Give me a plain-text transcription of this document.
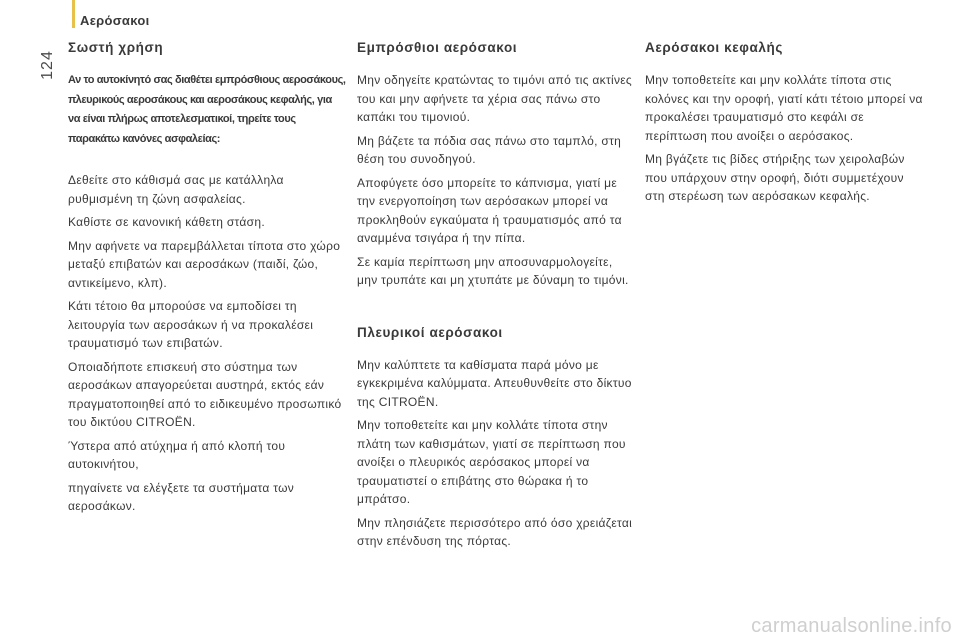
Αερόσακοι
124
Σωστή χρήση
Αν το αυτοκίνητό σας διαθέτει εμπρόσθιους αεροσάκους, πλευρικούς αεροσάκους και αεροσάκους κεφαλής, για να είναι πλήρως αποτελεσματικοί, τηρείτε τους παρακάτω κανόνες ασφαλείας:

Δεθείτε στο κάθισμά σας με κατάλληλα ρυθμισμένη τη ζώνη ασφαλείας.

Καθίστε σε κανονική κάθετη στάση.

Μην αφήνετε να παρεμβάλλεται τίποτα στο χώρο μεταξύ επιβατών και αεροσάκων (παιδί, ζώο, αντικείμενο, κλπ).

Κάτι τέτοιο θα μπορούσε να εμποδίσει τη λειτουργία των αεροσάκων ή να προκαλέσει τραυματισμό των επιβατών.

Οποιαδήποτε επισκευή στο σύστημα των αεροσάκων απαγορεύεται αυστηρά, εκτός εάν πραγματοποιηθεί από το ειδικευμένο προσωπικό του δικτύου CITROËN.

Ύστερα από ατύχημα ή από κλοπή του αυτοκινήτου,

πηγαίνετε να ελέγξετε τα συστήματα των αεροσάκων.

Εμπρόσθιοι αερόσακοι

Μην οδηγείτε κρατώντας το τιμόνι από τις ακτίνες του και μην αφήνετε τα χέρια σας πάνω στο καπάκι του τιμονιού.

Μη βάζετε τα πόδια σας πάνω στο ταμπλό, στη θέση του συνοδηγού.

Αποφύγετε όσο μπορείτε το κάπνισμα, γιατί με την ενεργοποίηση των αερόσακων μπορεί να προκληθούν εγκαύματα ή τραυματισμός από τα αναμμένα τσιγάρα ή την πίπα.

Σε καμία περίπτωση μην αποσυναρμολογείτε, μην τρυπάτε και μη χτυπάτε με δύναμη το τιμόνι.

Πλευρικοί αερόσακοι

Μην καλύπτετε τα καθίσματα παρά μόνο με εγκεκριμένα καλύμματα. Απευθυνθείτε στο δίκτυο της CITROËN.

Μην τοποθετείτε και μην κολλάτε τίποτα στην πλάτη των καθισμάτων, γιατί σε περίπτωση που ανοίξει ο πλευρικός αερόσακος μπορεί να τραυματιστεί ο επιβάτης στο θώρακα ή το μπράτσο.

Μην πλησιάζετε περισσότερο από όσο χρειάζεται στην επένδυση της πόρτας.

Αερόσακοι κεφαλής

Μην τοποθετείτε και μην κολλάτε τίποτα στις κολόνες και την οροφή, γιατί κάτι τέτοιο μπορεί να προκαλέσει τραυματισμό στο κεφάλι σε περίπτωση που ανοίξει ο αερόσακος.

Μη βγάζετε τις βίδες στήριξης των χειρολαβών που υπάρχουν στην οροφή, διότι συμμετέχουν στη στερέωση των αερόσακων κεφαλής.

carmanualsonline.info
